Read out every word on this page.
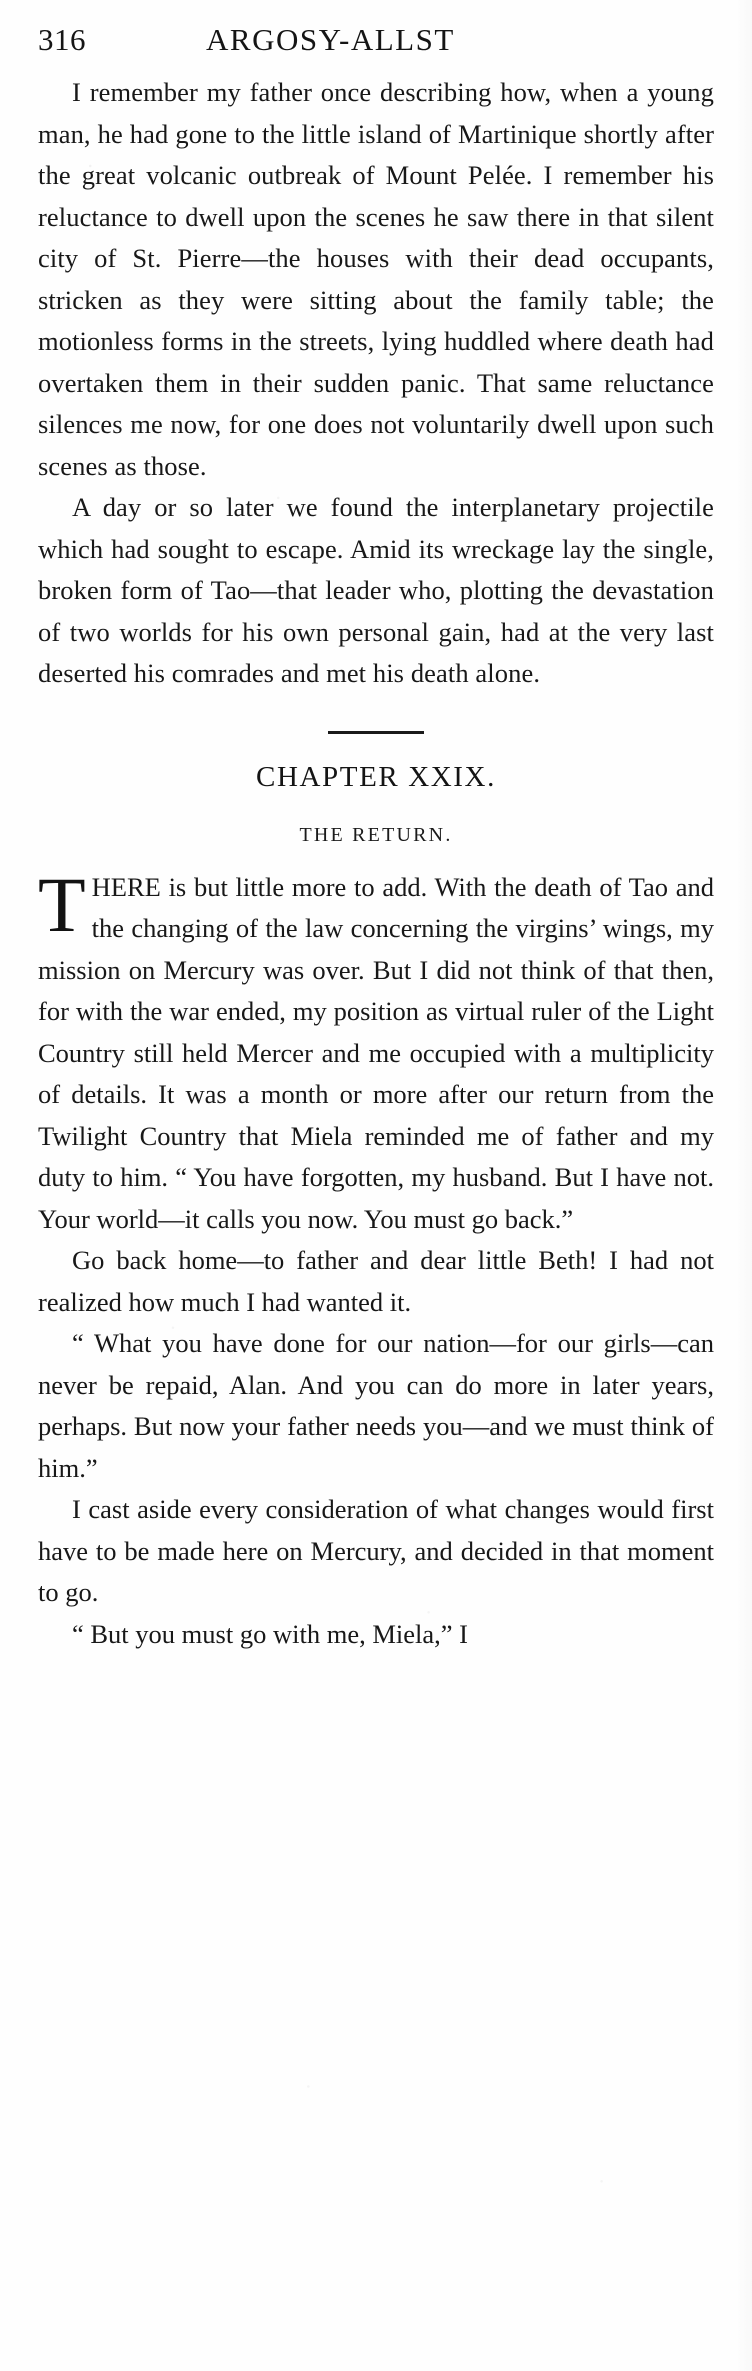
316	ARGOSY-ALLST

I remember my father once describing how, when a young man, he had gone to the little island of Martinique shortly after the great volcanic outbreak of Mount Pelée. I remember his reluctance to dwell upon the scenes he saw there in that silent city of St. Pierre—the houses with their dead occupants, stricken as they were sitting about the family table; the motionless forms in the streets, lying huddled where death had overtaken them in their sudden panic. That same reluctance silences me now, for one does not voluntarily dwell upon such scenes as those.

A day or so later we found the interplanetary projectile which had sought to escape. Amid its wreckage lay the single, broken form of Tao—that leader who, plotting the devastation of two worlds for his own personal gain, had at the very last deserted his comrades and met his death alone.

CHAPTER XXIX.
THE RETURN.
THERE is but little more to add. With the death of Tao and the changing of the law concerning the virgins’ wings, my mission on Mercury was over. But I did not think of that then, for with the war ended, my position as virtual ruler of the Light Country still held Mercer and me occupied with a multiplicity of details. It was a month or more after our return from the Twilight Country that Miela reminded me of father and my duty to him. “ You have forgotten, my husband. But I have not. Your world—it calls you now. You must go back.”

Go back home—to father and dear little Beth! I had not realized how much I had wanted it.

“ What you have done for our nation—for our girls—can never be repaid, Alan. And you can do more in later years, perhaps. But now your father needs you—and we must think of him.”

I cast aside every consideration of what changes would first have to be made here on Mercury, and decided in that moment to go.

“ But you must go with me, Miela,” I
